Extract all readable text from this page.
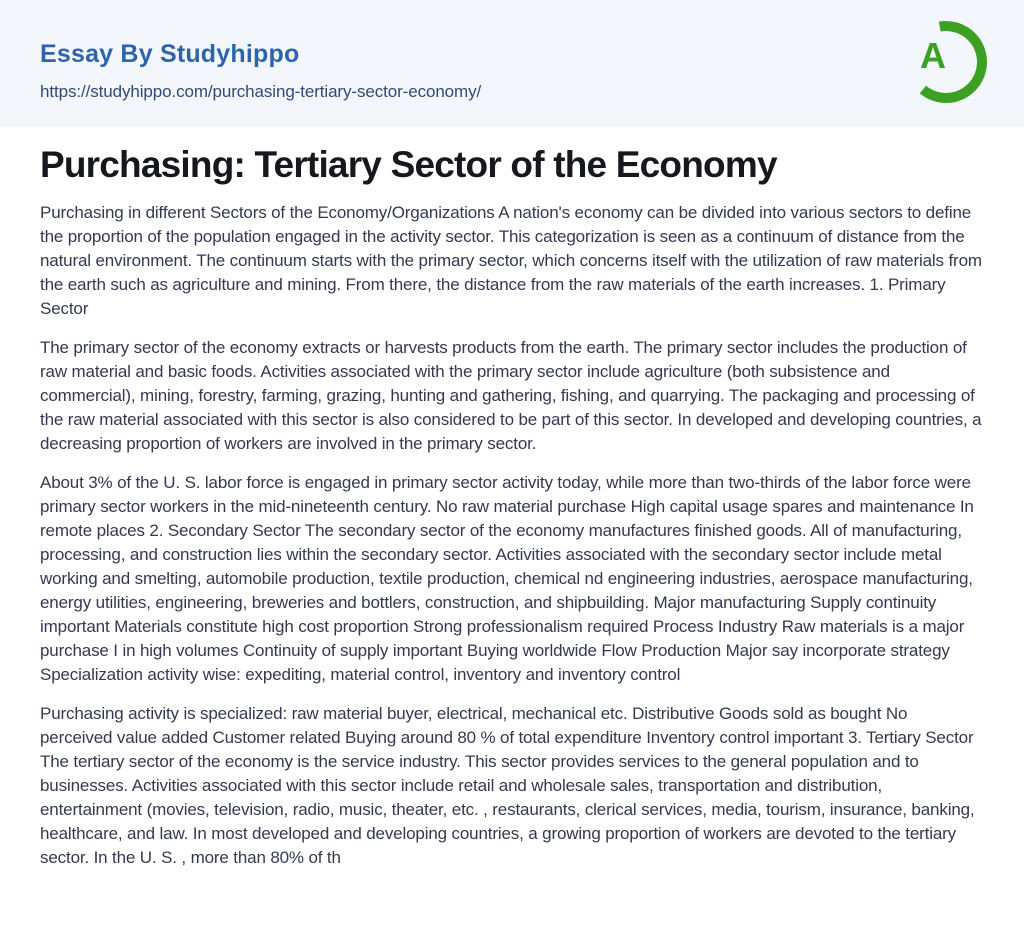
Essay By Studyhippo
https://studyhippo.com/purchasing-tertiary-sector-economy/
A
Purchasing: Tertiary Sector of the Economy

Purchasing in different Sectors of the Economy/Organizations A nation's economy can be divided into various sectors to define the proportion of the population engaged in the activity sector. This categorization is seen as a continuum of distance from the natural environment. The continuum starts with the primary sector, which concerns itself with the utilization of raw materials from the earth such as agriculture and mining. From there, the distance from the raw materials of the earth increases. 1. Primary Sector

The primary sector of the economy extracts or harvests products from the earth. The primary sector includes the production of raw material and basic foods. Activities associated with the primary sector include agriculture (both subsistence and commercial), mining, forestry, farming, grazing, hunting and gathering, fishing, and quarrying. The packaging and processing of the raw material associated with this sector is also considered to be part of this sector. In developed and developing countries, a decreasing proportion of workers are involved in the primary sector.

About 3% of the U. S. labor force is engaged in primary sector activity today, while more than two-thirds of the labor force were primary sector workers in the mid-nineteenth century. No raw material purchase High capital usage spares and maintenance In remote places 2. Secondary Sector The secondary sector of the economy manufactures finished goods. All of manufacturing, processing, and construction lies within the secondary sector. Activities associated with the secondary sector include metal working and smelting, automobile production, textile production, chemical nd engineering industries, aerospace manufacturing, energy utilities, engineering, breweries and bottlers, construction, and shipbuilding. Major manufacturing Supply continuity important Materials constitute high cost proportion Strong professionalism required Process Industry Raw materials is a major purchase I in high volumes Continuity of supply important Buying worldwide Flow Production Major say incorporate strategy Specialization activity wise: expediting, material control, inventory and inventory control

Purchasing activity is specialized: raw material buyer, electrical, mechanical etc. Distributive Goods sold as bought No perceived value added Customer related Buying around 80 % of total expenditure Inventory control important 3. Tertiary Sector The tertiary sector of the economy is the service industry. This sector provides services to the general population and to businesses. Activities associated with this sector include retail and wholesale sales, transportation and distribution, entertainment (movies, television, radio, music, theater, etc. , restaurants, clerical services, media, tourism, insurance, banking, healthcare, and law. In most developed and developing countries, a growing proportion of workers are devoted to the tertiary sector. In the U. S. , more than 80% of th
